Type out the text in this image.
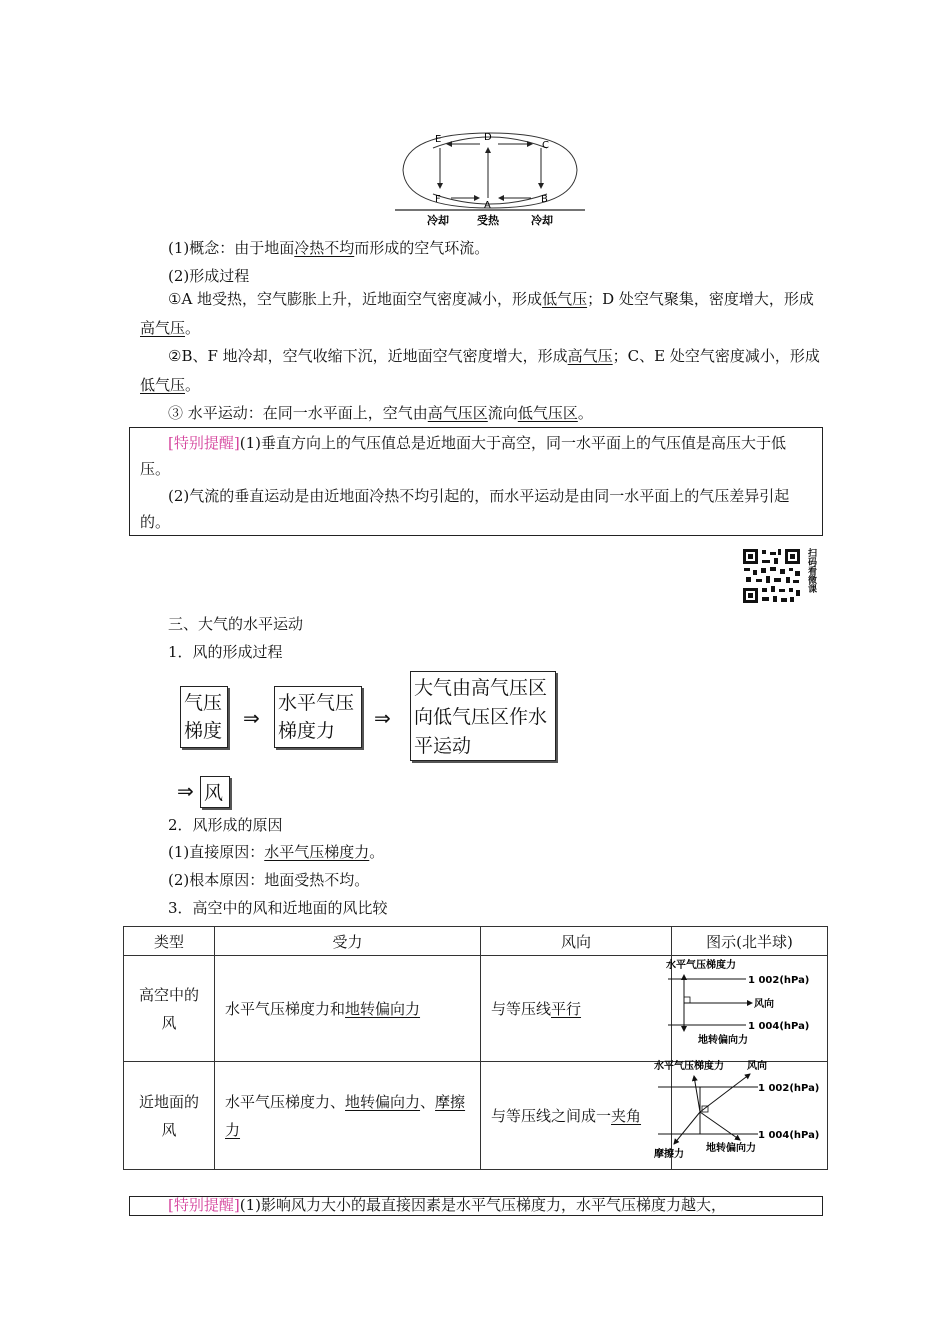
E	D
C
F
A
B
冷却	受热	冷却
(1)概念：由于地面冷热不均而形成的空气环流。
(2)形成过程
①A 地受热，空气膨胀上升，近地面空气密度减小，形成低气压；D 处空气聚集，密度增大，形成高气压。
②B、F 地冷却，空气收缩下沉，近地面空气密度增大，形成高气压；C、E 处空气密度减小，形成低气压。
③ 水平运动：在同一水平面上，空气由高气压区流向低气压区。
[特别提醒](1)垂直方向上的气压值总是近地面大于高空，同一水平面上的气压值是高压大于低压。
(2)气流的垂直运动是由近地面冷热不均引起的，而水平运动是由同一水平面上的气压差异引起的。
扫码看微课
三、大气的水平运动
1．风的形成过程
气压梯度
⇒
水平气压梯度力
⇒
大气由高气压区向低气压区作水平运动
⇒ 风
2．风形成的原因
(1)直接原因：水平气压梯度力。
(2)根本原因：地面受热不均。
3．高空中的风和近地面的风比较
类型	受力	风向	图示(北半球)
高空中的风	水平气压梯度力和地转偏向力	与等压线平行	
近地面的风	水平气压梯度力、地转偏向力、摩擦力	与等压线之间成一夹角	
水平气压梯度力
1 002(hPa)
风向
1 004(hPa)
地转偏向力
水平气压梯度力 风向
1 002(hPa)
1 004(hPa)
摩擦力
地转偏向力
[特别提醒](1)影响风力大小的最直接因素是水平气压梯度力，水平气压梯度力越大，
